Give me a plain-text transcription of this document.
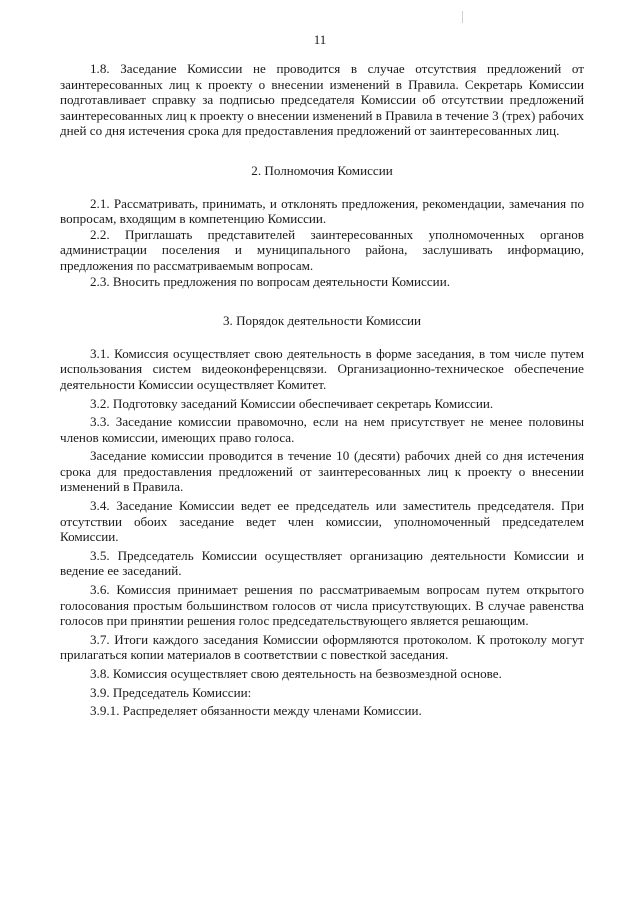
11

1.8. Заседание Комиссии не проводится в случае отсутствия предложений от заинтересованных лиц к проекту о внесении изменений в Правила. Секретарь Комиссии подготавливает справку за подписью председателя Комиссии об отсутствии предложений заинтересованных лиц к проекту о внесении изменений в Правила в течение 3 (трех) рабочих дней со дня истечения срока для предоставления предложений от заинтересованных лиц.

2. Полномочия Комиссии

2.1. Рассматривать, принимать, и отклонять предложения, рекомендации, замечания по вопросам, входящим в компетенцию Комиссии.

2.2. Приглашать представителей заинтересованных уполномоченных органов администрации поселения и муниципального района, заслушивать информацию, предложения по рассматриваемым вопросам.

2.3. Вносить предложения по вопросам деятельности Комиссии.

3. Порядок деятельности Комиссии

3.1. Комиссия осуществляет свою деятельность в форме заседания, в том числе путем использования систем видеоконференцсвязи. Организационно-техническое обеспечение деятельности Комиссии осуществляет Комитет.

3.2. Подготовку заседаний Комиссии обеспечивает секретарь Комиссии.

3.3. Заседание комиссии правомочно, если на нем присутствует не менее половины членов комиссии, имеющих право голоса.

Заседание комиссии проводится в течение 10 (десяти) рабочих дней со дня истечения срока для предоставления предложений от заинтересованных лиц к проекту о внесении изменений в Правила.

3.4. Заседание Комиссии ведет ее председатель или заместитель председателя. При отсутствии обоих заседание ведет член комиссии, уполномоченный председателем Комиссии.

3.5. Председатель Комиссии осуществляет организацию деятельности Комиссии и ведение ее заседаний.

3.6. Комиссия принимает решения по рассматриваемым вопросам путем открытого голосования простым большинством голосов от числа присутствующих. В случае равенства голосов при принятии решения голос председательствующего является решающим.

3.7. Итоги каждого заседания Комиссии оформляются протоколом. К протоколу могут прилагаться копии материалов в соответствии с повесткой заседания.

3.8. Комиссия осуществляет свою деятельность на безвозмездной основе.

3.9. Председатель Комиссии:

3.9.1. Распределяет обязанности между членами Комиссии.
